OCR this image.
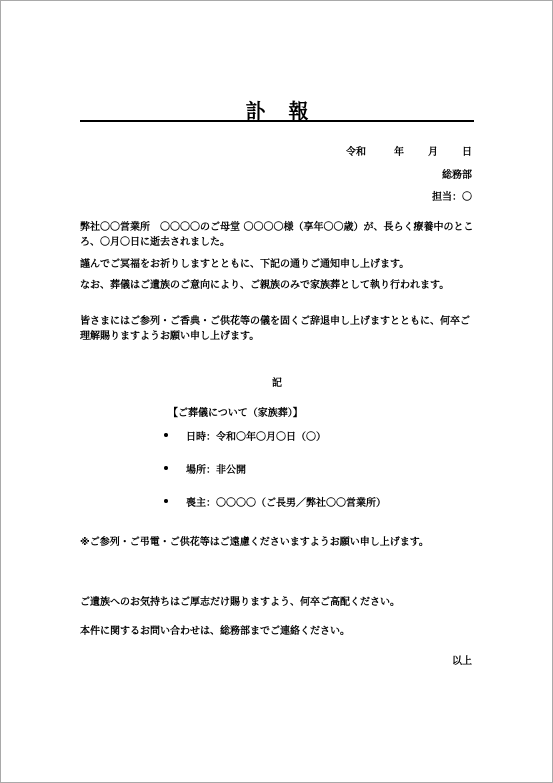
訃 報
令和	年 月 日
総務部
担当：〇
弊社〇〇営業所　〇〇〇〇のご母堂 〇〇〇〇様（享年〇〇歳）が、長らく療養中のところ、〇月〇日に逝去されました。
謹んでご冥福をお祈りしますとともに、下記の通りご通知申し上げます。
なお、葬儀はご遺族のご意向により、ご親族のみで家族葬として執り行われます。
皆さまにはご参列・ご香典・ご供花等の儀を固くご辞退申し上げますとともに、何卒ご理解賜りますようお願い申し上げます。
記
【ご葬儀について（家族葬）】
日時：令和〇年〇月〇日（〇）
場所：非公開
喪主：〇〇〇〇（ご長男／弊社〇〇営業所）
※ご参列・ご弔電・ご供花等はご遠慮くださいますようお願い申し上げます。
ご遺族へのお気持ちはご厚志だけ賜りますよう、何卒ご高配ください。
本件に関するお問い合わせは、総務部までご連絡ください。
以上
